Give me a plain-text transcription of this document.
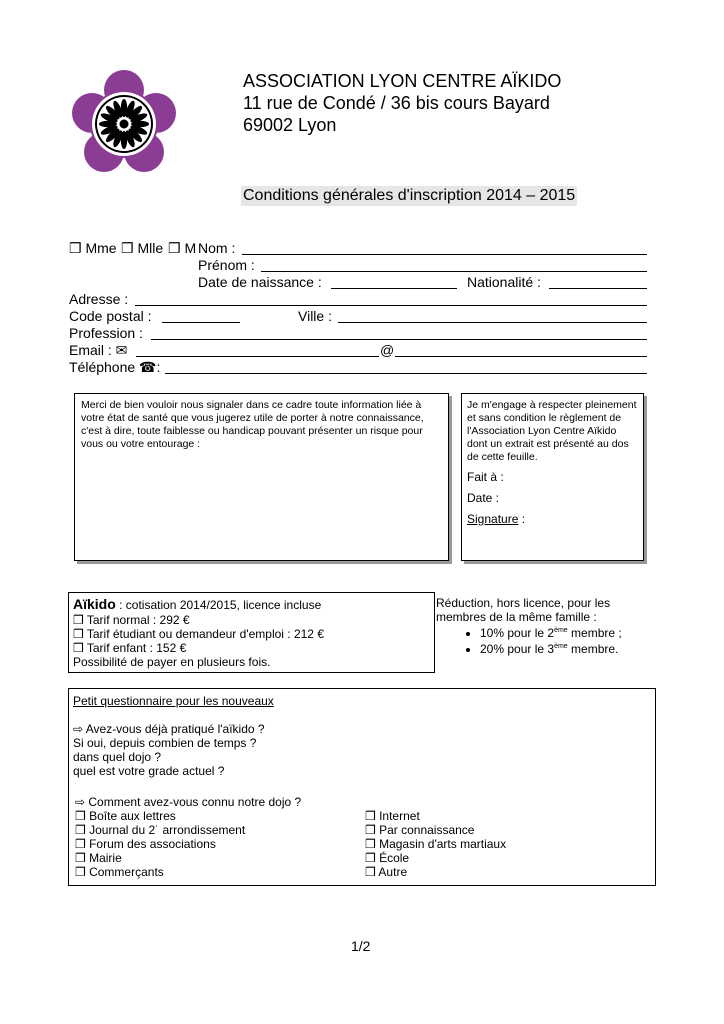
ASSOCIATION LYON CENTRE AÏKIDO
11 rue de Condé / 36 bis cours Bayard
69002 Lyon
Conditions générales d'inscription 2014 – 2015
❒ Mme ❒ Mlle ❒ M Nom :
Prénom :
Date de naissance :	Nationalité :
Adresse :
Code postal :	Ville :
Profession :
Email : ✉	@
Téléphone ☎:
Merci de bien vouloir nous signaler dans ce cadre toute information liée à votre état de santé que vous jugerez utile de porter à notre connaissance, c'est à dire, toute faiblesse ou handicap pouvant présenter un risque pour vous ou votre entourage :
Je m'engage à respecter pleinement et sans condition le règlement de l'Association Lyon Centre Aïkido dont un extrait est présenté au dos de cette feuille.
Fait à :
Date :
Signature :
Aïkido : cotisation 2014/2015, licence incluse
❒ Tarif normal : 292 €
❒ Tarif étudiant ou demandeur d'emploi : 212 €
❒ Tarif enfant : 152 €
Possibilité de payer en plusieurs fois.
Réduction, hors licence, pour les membres de la même famille :
• 10% pour le 2ème membre ;
• 20% pour le 3ème membre.
Petit questionnaire pour les nouveaux
⇨ Avez-vous déjà pratiqué l'aïkido ?
Si oui, depuis combien de temps ?
dans quel dojo ?
quel est votre grade actuel ?
⇨ Comment avez-vous connu notre dojo ?
❒ Boîte aux lettres
❒ Journal du 2˙ arrondissement
❒ Forum des associations
❒ Mairie
❒ Commerçants
❒ Internet
❒ Par connaissance
❒ Magasin d'arts martiaux
❒ École
❒ Autre
1/2
